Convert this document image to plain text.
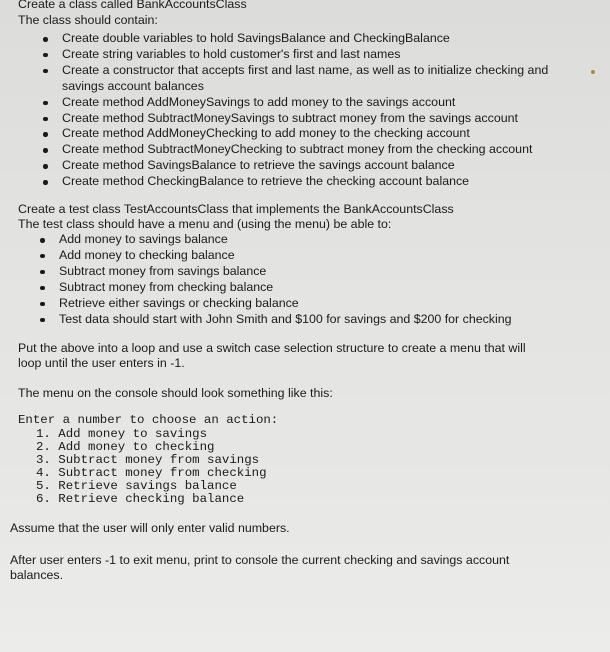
Create a class called BankAccountsClass
The class should contain:
Create double variables to hold SavingsBalance and CheckingBalance
Create string variables to hold customer's first and last names
Create a constructor that accepts first and last name, as well as to initialize checking and savings account balances
Create method AddMoneySavings to add money to the savings account
Create method SubtractMoneySavings to subtract money from the savings account
Create method AddMoneyChecking to add money to the checking account
Create method SubtractMoneyChecking to subtract money from the checking account
Create method SavingsBalance to retrieve the savings account balance
Create method CheckingBalance to retrieve the checking account balance
Create a test class TestAccountsClass that implements the BankAccountsClass
The test class should have a menu and (using the menu) be able to:
Add money to savings balance
Add money to checking balance
Subtract money from savings balance
Subtract money from checking balance
Retrieve either savings or checking balance
Test data should start with John Smith and $100 for savings and $200 for checking
Put the above into a loop and use a switch case selection structure to create a menu that will
loop until the user enters in -1.
The menu on the console should look something like this:
Enter a number to choose an action:
1. Add money to savings
2. Add money to checking
3. Subtract money from savings
4. Subtract money from checking
5. Retrieve savings balance
6. Retrieve checking balance
Assume that the user will only enter valid numbers.
After user enters -1 to exit menu, print to console the current checking and savings account
balances.
